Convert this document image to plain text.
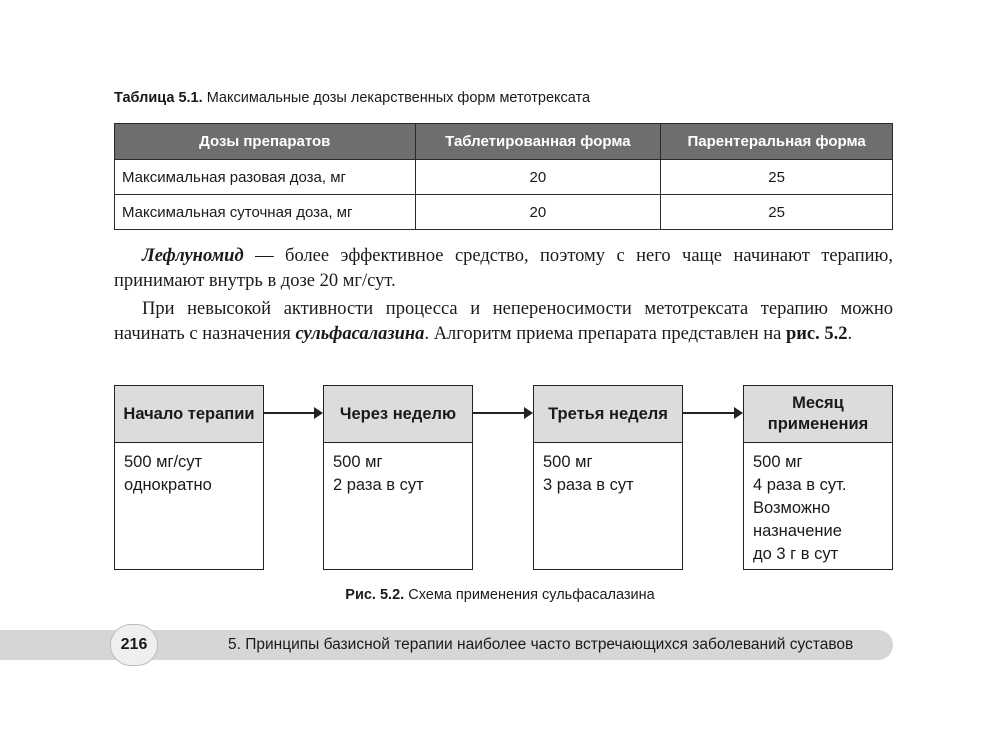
Таблица 5.1. Максимальные дозы лекарственных форм метотрексата
Дозы препаратов	Таблетированная форма	Парентеральная форма
Максимальная разовая доза, мг	20	25
Максимальная суточная доза, мг	20	25

Лефлуномид — более эффективное средство, поэтому с него чаще начинают терапию, принимают внутрь в дозе 20 мг/сут.

При невысокой активности процесса и непереносимости метотрексата терапию можно начинать с назначения сульфасалазина. Алгоритм приема препарата представлен на рис. 5.2.

Начало терапии
500 мг/сут
однократно
Через неделю
500 мг
2 раза в сут
Третья неделя
500 мг
3 раза в сут
Месяц применения
500 мг
4 раза в сут.
Возможно
назначение
до 3 г в сут
Рис. 5.2. Схема применения сульфасалазина
216	5. Принципы базисной терапии наиболее часто встречающихся заболеваний суставов
